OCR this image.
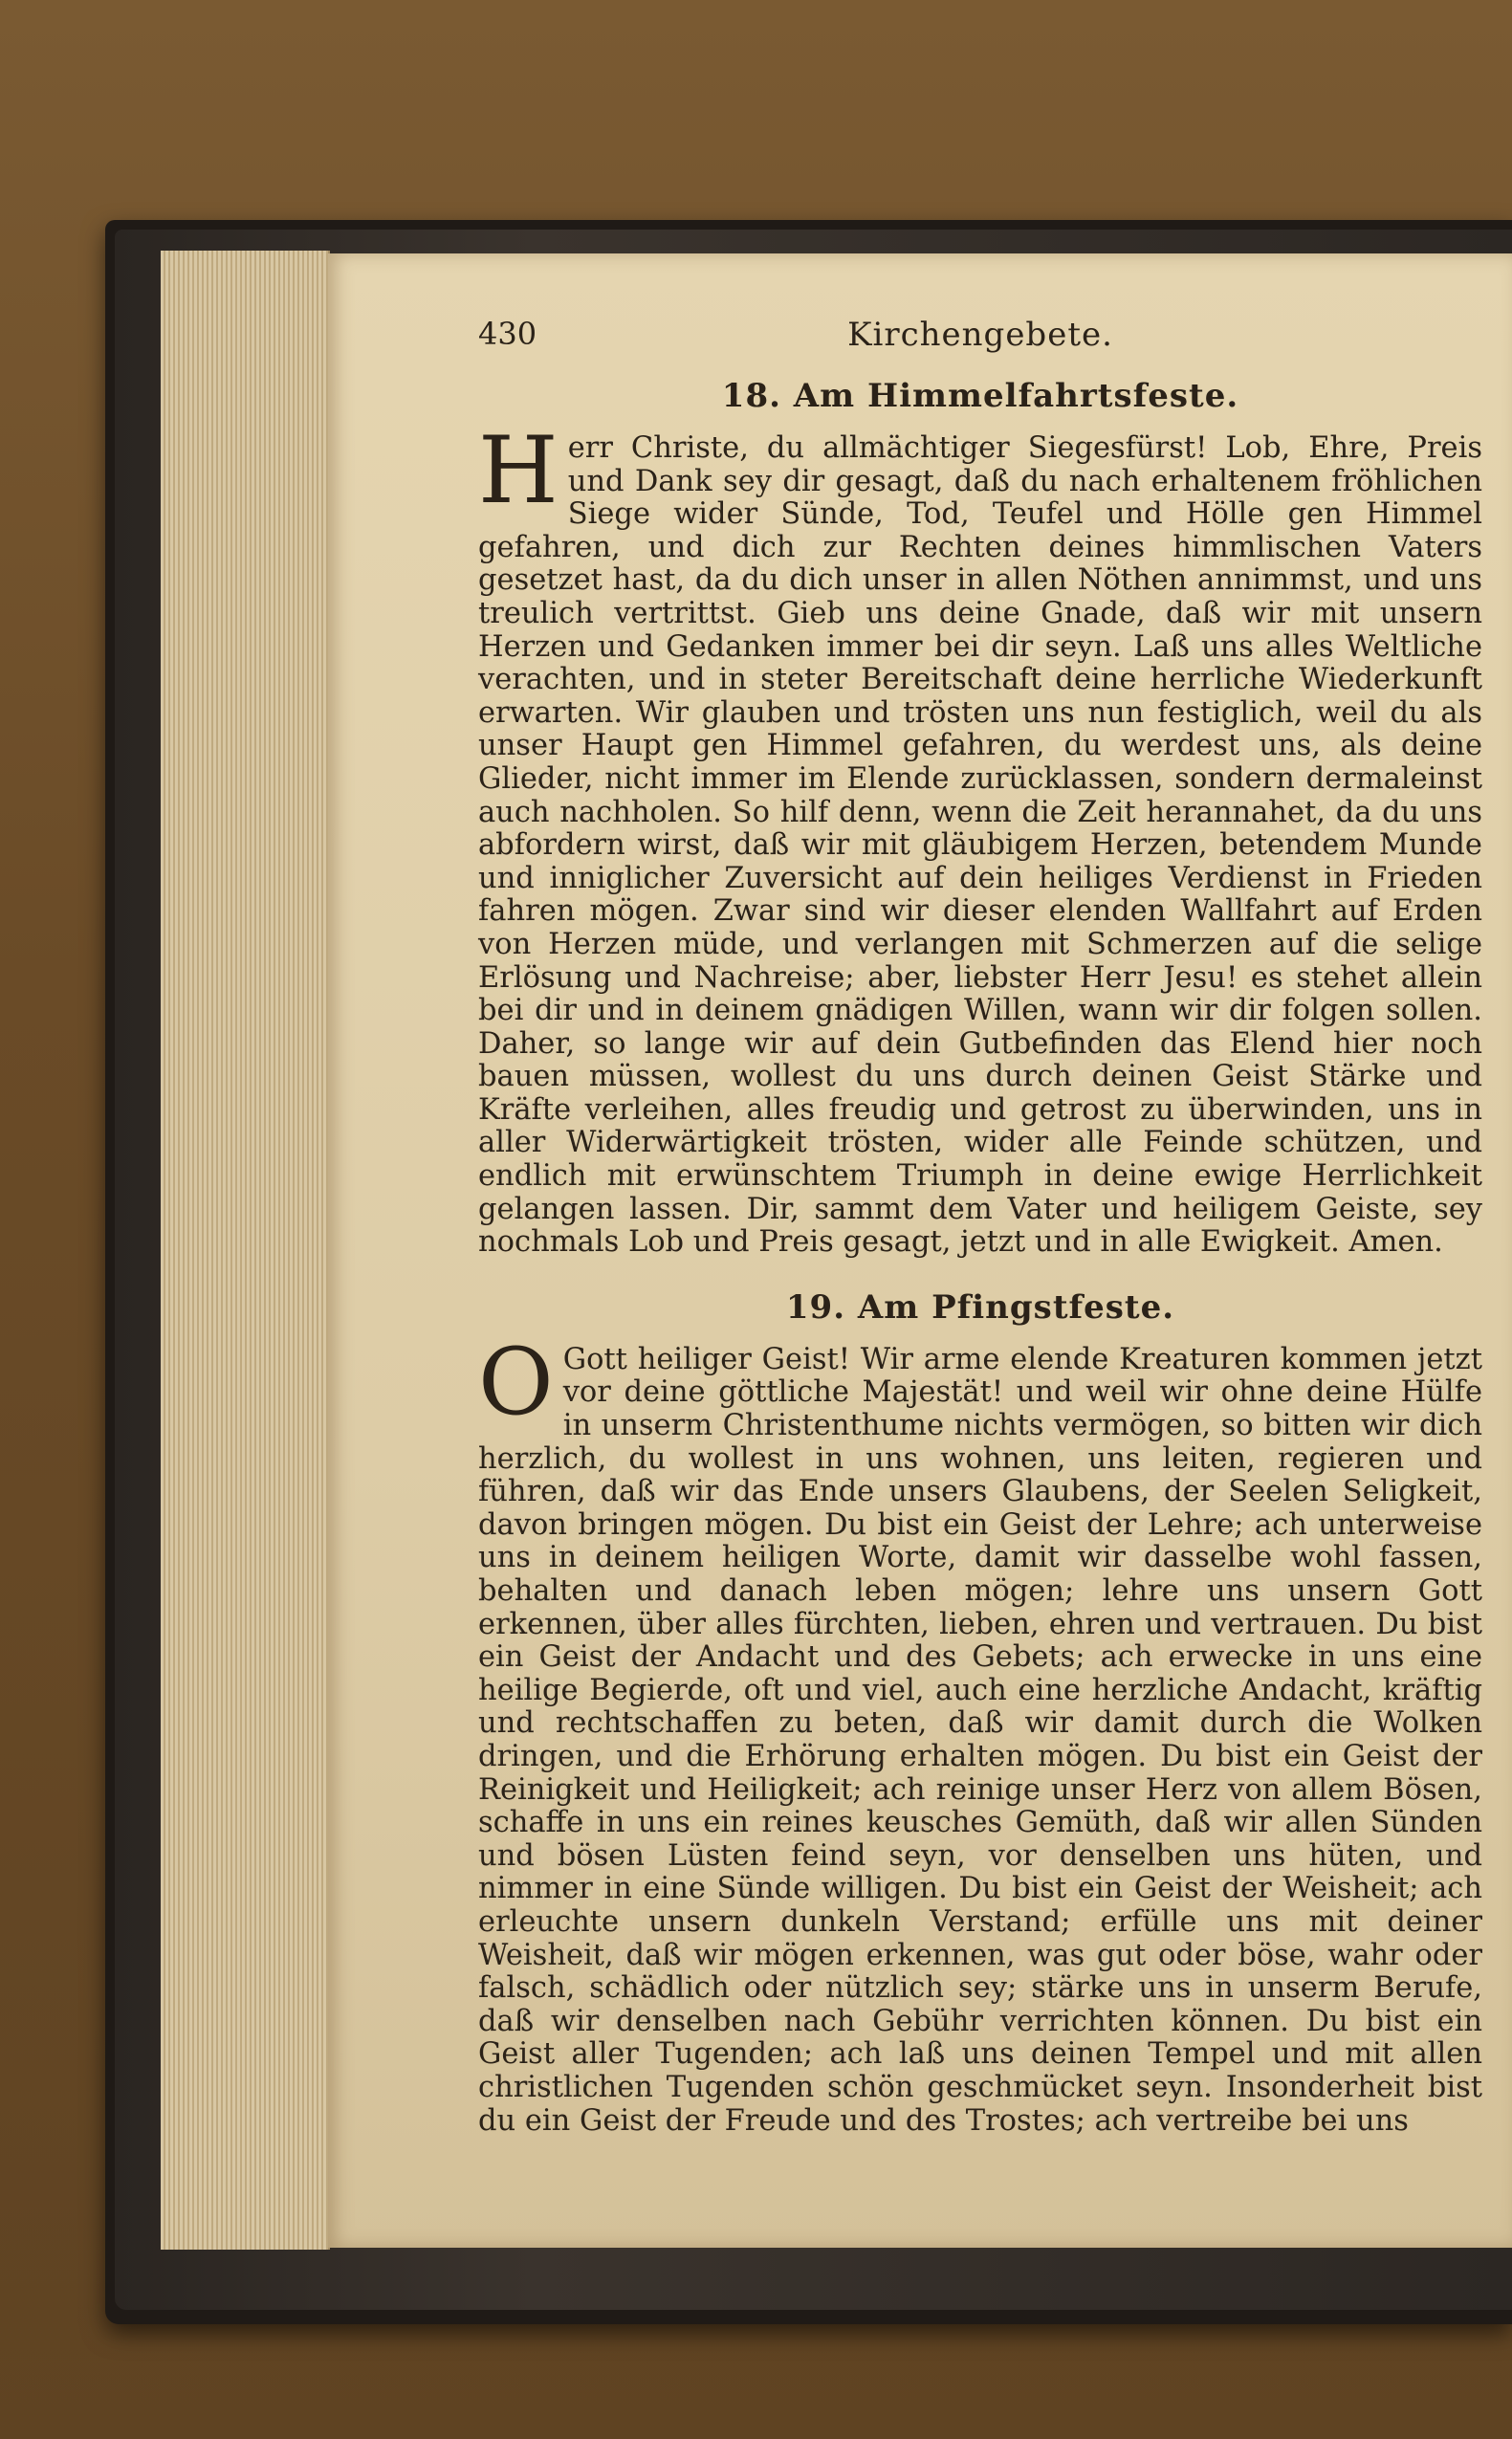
430	Kirchengebete.
18. Am Himmelfahrtsfeste.

Herr Christe, du allmächtiger Siegesfürst! Lob, Ehre, Preis und Dank sey dir gesagt, daß du nach erhaltenem fröhlichen Siege wider Sünde, Tod, Teufel und Hölle gen Himmel gefahren, und dich zur Rechten deines himmlischen Vaters gesetzet hast, da du dich unser in allen Nöthen annimmst, und uns treulich vertrittst. Gieb uns deine Gnade, daß wir mit unsern Herzen und Gedanken immer bei dir seyn. Laß uns alles Weltliche verachten, und in steter Bereitschaft deine herrliche Wiederkunft erwarten. Wir glauben und trösten uns nun festiglich, weil du als unser Haupt gen Himmel gefahren, du werdest uns, als deine Glieder, nicht immer im Elende zurücklassen, sondern dermaleinst auch nachholen. So hilf denn, wenn die Zeit herannahet, da du uns abfordern wirst, daß wir mit gläubigem Herzen, betendem Munde und inniglicher Zuversicht auf dein heiliges Verdienst in Frieden fahren mögen. Zwar sind wir dieser elenden Wallfahrt auf Erden von Herzen müde, und verlangen mit Schmerzen auf die selige Erlösung und Nachreise; aber, liebster Herr Jesu! es stehet allein bei dir und in deinem gnädigen Willen, wann wir dir folgen sollen. Daher, so lange wir auf dein Gutbefinden das Elend hier noch bauen müssen, wollest du uns durch deinen Geist Stärke und Kräfte verleihen, alles freudig und getrost zu überwinden, uns in aller Widerwärtigkeit trösten, wider alle Feinde schützen, und endlich mit erwünschtem Triumph in deine ewige Herrlichkeit gelangen lassen. Dir, sammt dem Vater und heiligem Geiste, sey nochmals Lob und Preis gesagt, jetzt und in alle Ewigkeit. Amen.

19. Am Pfingstfeste.

O Gott heiliger Geist! Wir arme elende Kreaturen kommen jetzt vor deine göttliche Majestät! und weil wir ohne deine Hülfe in unserm Christenthume nichts vermögen, so bitten wir dich herzlich, du wollest in uns wohnen, uns leiten, regieren und führen, daß wir das Ende unsers Glaubens, der Seelen Seligkeit, davon bringen mögen. Du bist ein Geist der Lehre; ach unterweise uns in deinem heiligen Worte, damit wir dasselbe wohl fassen, behalten und danach leben mögen; lehre uns unsern Gott erkennen, über alles fürchten, lieben, ehren und vertrauen. Du bist ein Geist der Andacht und des Gebets; ach erwecke in uns eine heilige Begierde, oft und viel, auch eine herzliche Andacht, kräftig und rechtschaffen zu beten, daß wir damit durch die Wolken dringen, und die Erhörung erhalten mögen. Du bist ein Geist der Reinigkeit und Heiligkeit; ach reinige unser Herz von allem Bösen, schaffe in uns ein reines keusches Gemüth, daß wir allen Sünden und bösen Lüsten feind seyn, vor denselben uns hüten, und nimmer in eine Sünde willigen. Du bist ein Geist der Weisheit; ach erleuchte unsern dunkeln Verstand; erfülle uns mit deiner Weisheit, daß wir mögen erkennen, was gut oder böse, wahr oder falsch, schädlich oder nützlich sey; stärke uns in unserm Berufe, daß wir denselben nach Gebühr verrichten können. Du bist ein Geist aller Tugenden; ach laß uns deinen Tempel und mit allen christlichen Tugenden schön geschmücket seyn. Insonderheit bist du ein Geist der Freude und des Trostes; ach vertreibe bei uns
